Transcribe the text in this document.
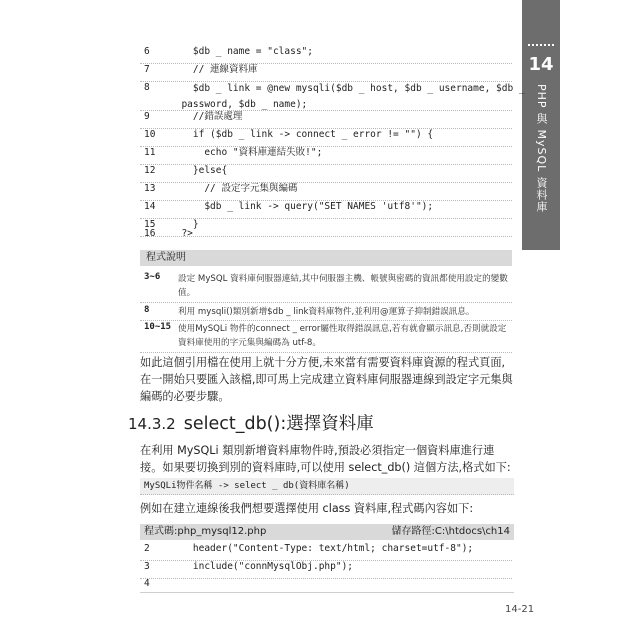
14
PHP 與 MySQL 資料庫
6 $db _ name = "class";
7 // 連線資料庫
8	$db _ link = @new mysqli($db _ host, $db _ username, $db _
password, $db _ name);
9 //錯誤處理
10 if ($db _ link -> connect _ error != "") {
11 echo "資料庫連結失敗!";
12 }else{
13 // 設定字元集與編碼
14 $db _ link -> query("SET NAMES 'utf8'");
15 }
16 ?>
程式說明
3~6 設定 MySQL 資料庫伺服器連結,其中伺服器主機、帳號與密碼的資訊都使用設定的變數值。
8	利用 mysqli()類別新增$db _ link資料庫物件,並利用@運算子抑制錯誤訊息。
10~15 使用MySQLi 物件的connect _ error屬性取得錯誤訊息,若有就會顯示訊息,否則就設定資料庫使用的字元集與編碼為 utf-8。
如此這個引用檔在使用上就十分方便,未來當有需要資料庫資源的程式頁面,在一開始只要匯入該檔,即可馬上完成建立資料庫伺服器連線到設定字元集與編碼的必要步驟。
14.3.2 select_db():選擇資料庫
在利用 MySQLi 類別新增資料庫物件時,預設必須指定一個資料庫進行連接。如果要切換到別的資料庫時,可以使用 select_db() 這個方法,格式如下:
MySQLi物件名稱 -> select _ db(資料庫名稱)
例如在建立連線後我們想要選擇使用 class 資料庫,程式碼內容如下:
程式碼:php_mysql12.php	儲存路徑:C:\htdocs\ch14
2 header("Content-Type: text/html; charset=utf-8");
3 include("connMysqlObj.php");
4
14-21
